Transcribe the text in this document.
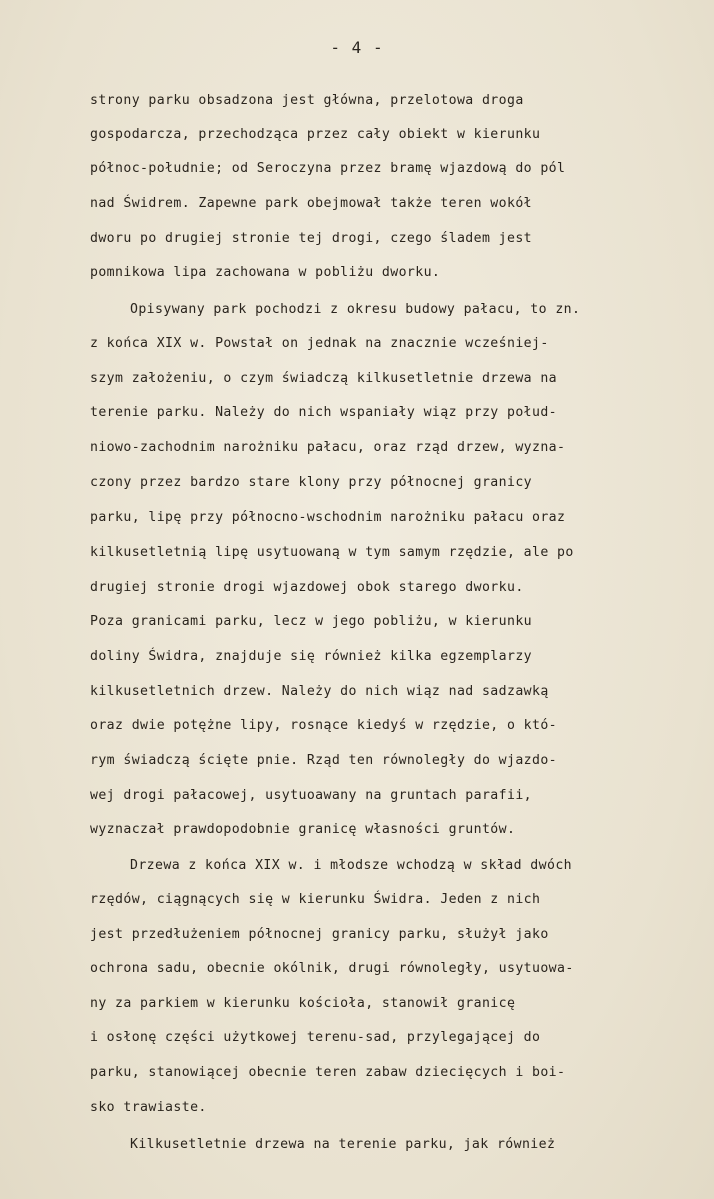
- 4 -
strony parku obsadzona jest główna, przelotowa droga
gospodarcza, przechodząca przez cały obiekt w kierunku
północ-południe; od Seroczyna przez bramę wjazdową do pól
nad Świdrem. Zapewne park obejmował także teren wokół
dworu po drugiej stronie tej drogi, czego śladem jest
pomnikowa lipa zachowana w pobliżu dworku.
Opisywany park pochodzi z okresu budowy pałacu, to zn.
z końca XIX w. Powstał on jednak na znacznie wcześniej-
szym założeniu, o czym świadczą kilkusetletnie drzewa na
terenie parku. Należy do nich wspaniały wiąz przy połud-
niowo-zachodnim narożniku pałacu, oraz rząd drzew, wyzna-
czony przez bardzo stare klony przy północnej granicy
parku, lipę przy północno-wschodnim narożniku pałacu oraz
kilkusetletnią lipę usytuowaną w tym samym rzędzie, ale po
drugiej stronie drogi wjazdowej obok starego dworku.
Poza granicami parku, lecz w jego pobliżu, w kierunku
doliny Świdra, znajduje się również kilka egzemplarzy
kilkusetletnich drzew. Należy do nich wiąz nad sadzawką
oraz dwie potężne lipy, rosnące kiedyś w rzędzie, o któ-
rym świadczą ścięte pnie. Rząd ten równoległy do wjazdo-
wej drogi pałacowej, usytuoawany na gruntach parafii,
wyznaczał prawdopodobnie granicę własności gruntów.
Drzewa z końca XIX w. i młodsze wchodzą w skład dwóch
rzędów, ciągnących się w kierunku Świdra. Jeden z nich
jest przedłużeniem północnej granicy parku, służył jako
ochrona sadu, obecnie okólnik, drugi równoległy, usytuowa-
ny za parkiem w kierunku kościoła, stanowił granicę
i osłonę części użytkowej terenu-sad, przylegającej do
parku, stanowiącej obecnie teren zabaw dziecięcych i boi-
sko trawiaste.
Kilkusetletnie drzewa na terenie parku, jak również
